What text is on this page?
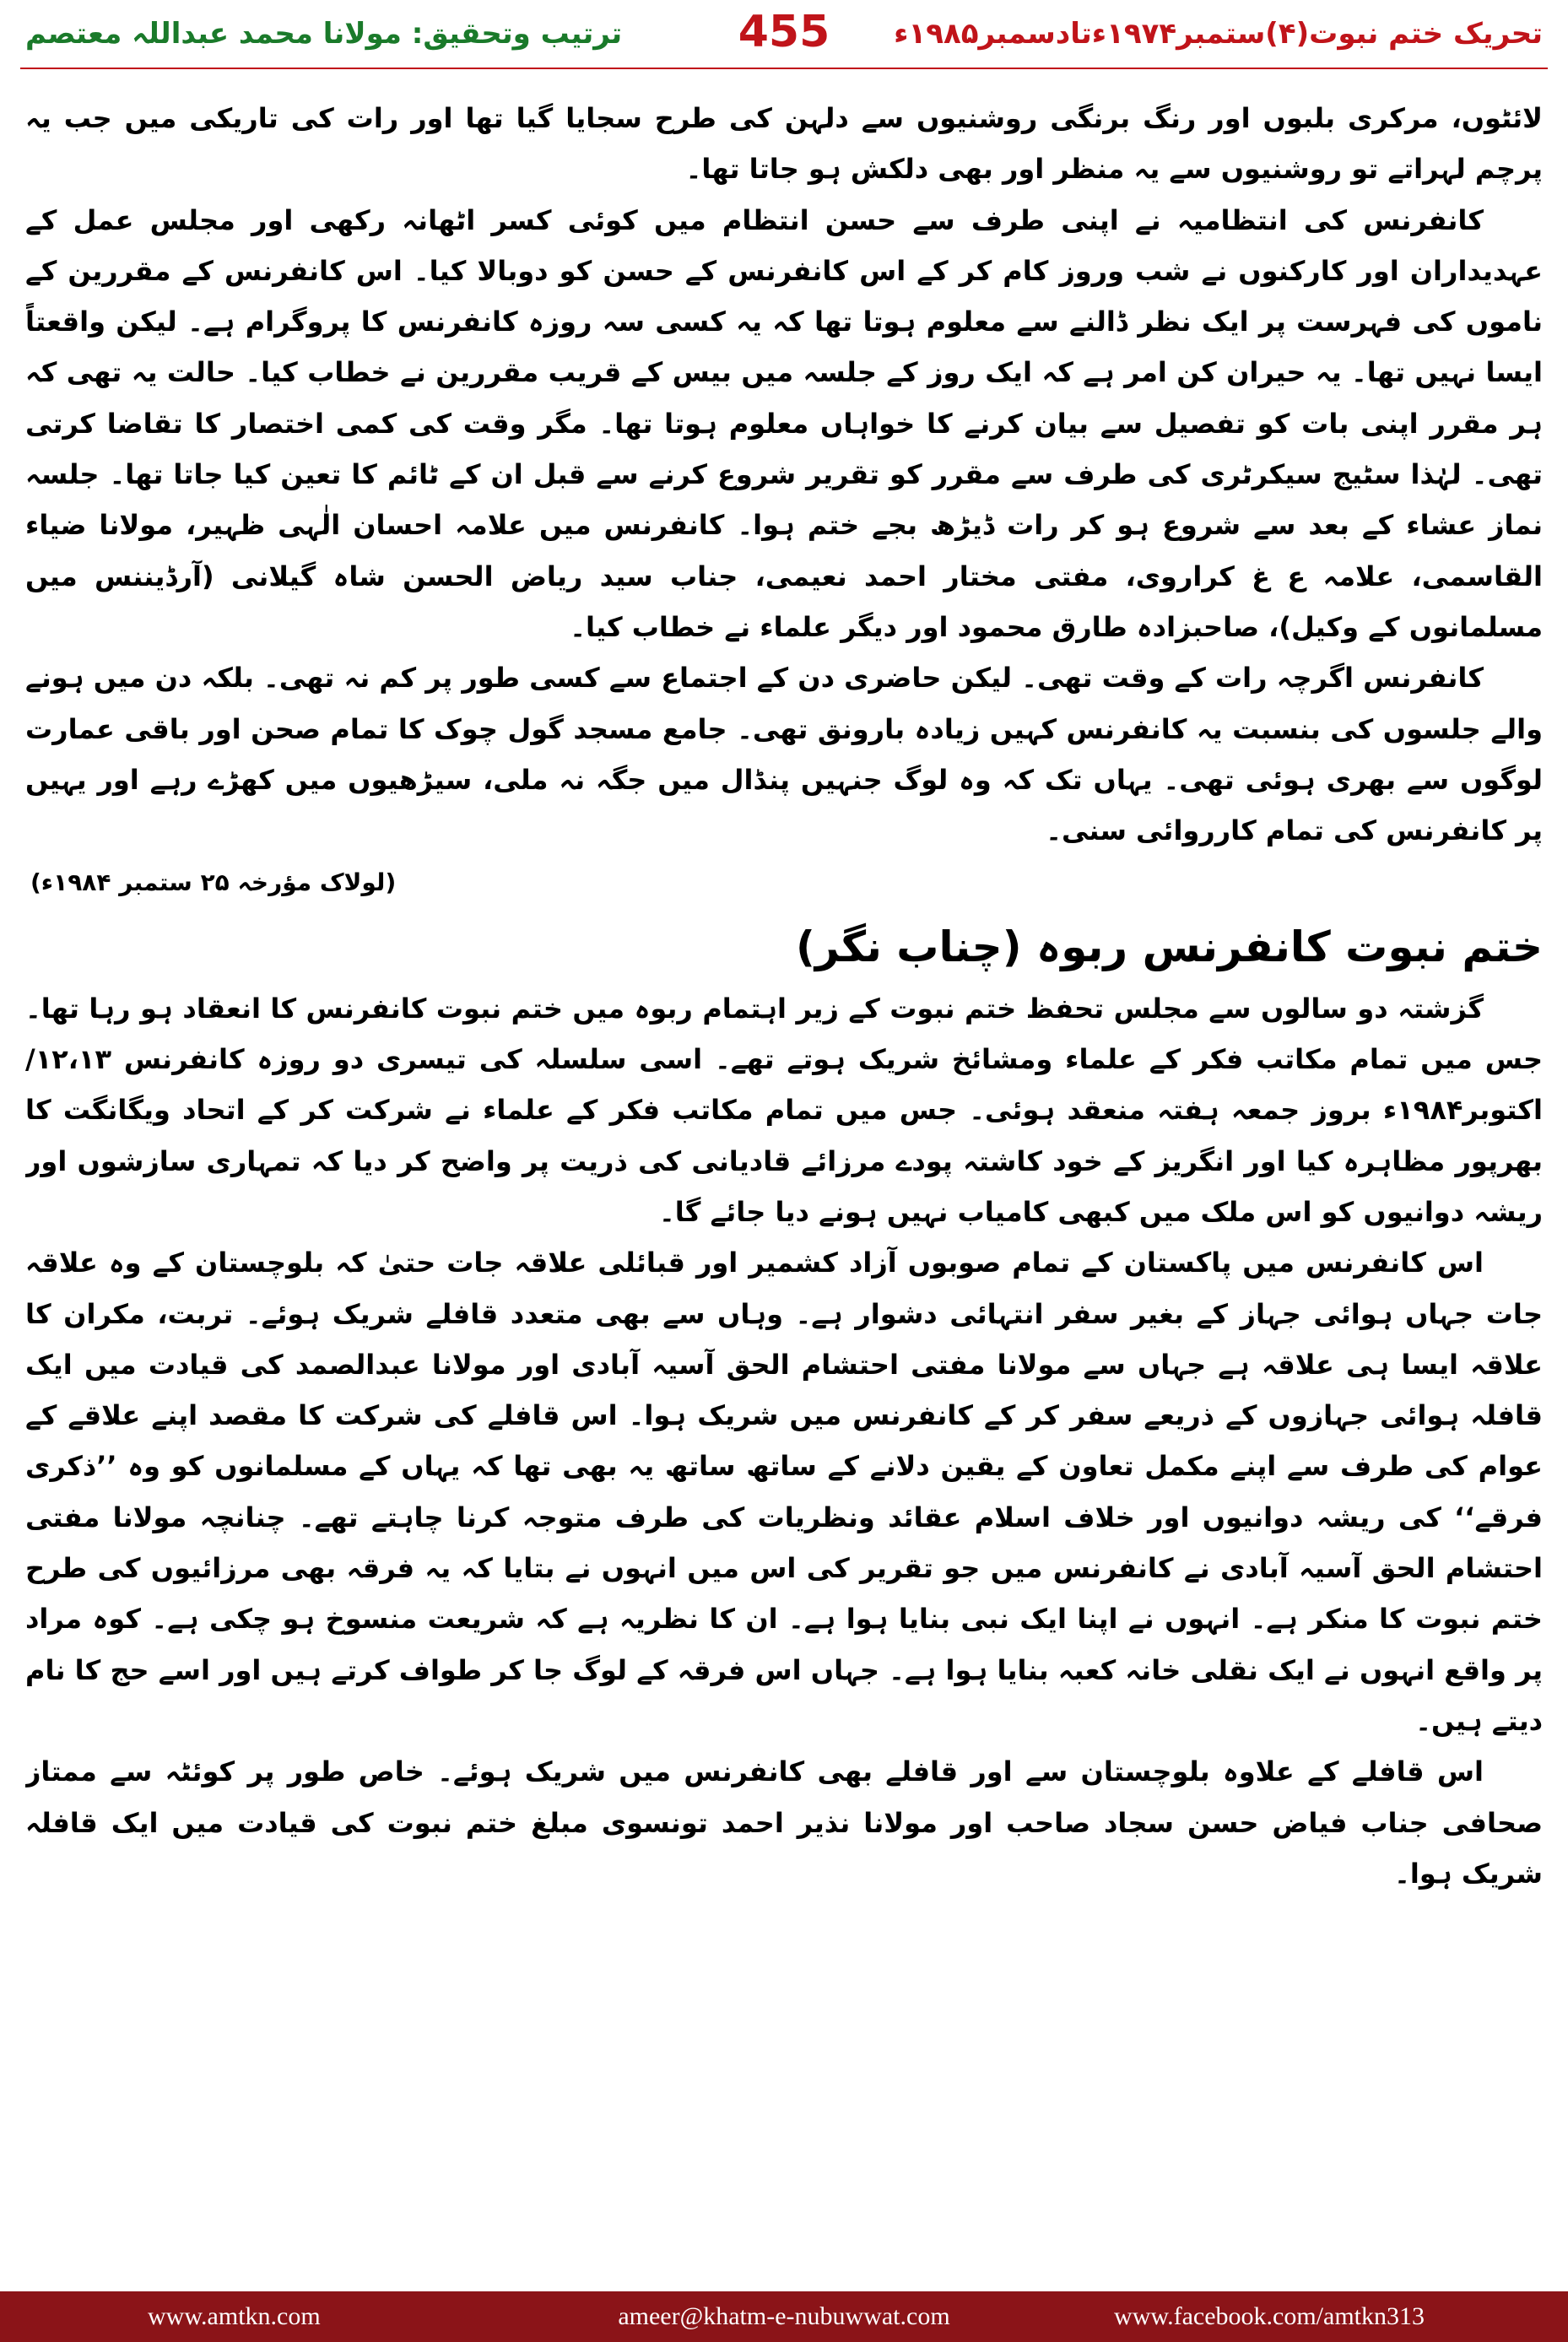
ترتیب وتحقیق: مولانا محمد عبداللہ معتصم	455	تحریک ختم نبوت(۴)ستمبر۱۹۷۴ءتادسمبر۱۹۸۵ء

لائٹوں، مرکری بلبوں اور رنگ برنگی روشنیوں سے دلہن کی طرح سجایا گیا تھا اور رات کی تاریکی میں جب یہ پرچم لہراتے تو روشنیوں سے یہ منظر اور بھی دلکش ہو جاتا تھا۔

کانفرنس کی انتظامیہ نے اپنی طرف سے حسن انتظام میں کوئی کسر اٹھانہ رکھی اور مجلس عمل کے عہدیداران اور کارکنوں نے شب وروز کام کر کے اس کانفرنس کے حسن کو دوبالا کیا۔ اس کانفرنس کے مقررین کے ناموں کی فہرست پر ایک نظر ڈالنے سے معلوم ہوتا تھا کہ یہ کسی سہ روزہ کانفرنس کا پروگرام ہے۔ لیکن واقعتاً ایسا نہیں تھا۔ یہ حیران کن امر ہے کہ ایک روز کے جلسہ میں بیس کے قریب مقررین نے خطاب کیا۔ حالت یہ تھی کہ ہر مقرر اپنی بات کو تفصیل سے بیان کرنے کا خواہاں معلوم ہوتا تھا۔ مگر وقت کی کمی اختصار کا تقاضا کرتی تھی۔ لہٰذا سٹیج سیکرٹری کی طرف سے مقرر کو تقریر شروع کرنے سے قبل ان کے ٹائم کا تعین کیا جاتا تھا۔ جلسہ نماز عشاء کے بعد سے شروع ہو کر رات ڈیڑھ بجے ختم ہوا۔ کانفرنس میں علامہ احسان الٰہی ظہیر، مولانا ضیاء القاسمی، علامہ ع غ کراروی، مفتی مختار احمد نعیمی، جناب سید ریاض الحسن شاہ گیلانی (آرڈیننس میں مسلمانوں کے وکیل)، صاحبزادہ طارق محمود اور دیگر علماء نے خطاب کیا۔

کانفرنس اگرچہ رات کے وقت تھی۔ لیکن حاضری دن کے اجتماع سے کسی طور پر کم نہ تھی۔ بلکہ دن میں ہونے والے جلسوں کی بنسبت یہ کانفرنس کہیں زیادہ بارونق تھی۔ جامع مسجد گول چوک کا تمام صحن اور باقی عمارت لوگوں سے بھری ہوئی تھی۔ یہاں تک کہ وہ لوگ جنہیں پنڈال میں جگہ نہ ملی، سیڑھیوں میں کھڑے رہے اور یہیں پر کانفرنس کی تمام کارروائی سنی۔

(لولاک مؤرخہ ۲۵ ستمبر ۱۹۸۴ء)
ختم نبوت کانفرنس ربوہ (چناب نگر)

گزشتہ دو سالوں سے مجلس تحفظ ختم نبوت کے زیر اہتمام ربوہ میں ختم نبوت کانفرنس کا انعقاد ہو رہا تھا۔ جس میں تمام مکاتب فکر کے علماء ومشائخ شریک ہوتے تھے۔ اسی سلسلہ کی تیسری دو روزہ کانفرنس ۱۲،۱۳/اکتوبر۱۹۸۴ء بروز جمعہ ہفتہ منعقد ہوئی۔ جس میں تمام مکاتب فکر کے علماء نے شرکت کر کے اتحاد ویگانگت کا بھرپور مظاہرہ کیا اور انگریز کے خود کاشتہ پودے مرزائے قادیانی کی ذریت پر واضح کر دیا کہ تمہاری سازشوں اور ریشہ دوانیوں کو اس ملک میں کبھی کامیاب نہیں ہونے دیا جائے گا۔

اس کانفرنس میں پاکستان کے تمام صوبوں آزاد کشمیر اور قبائلی علاقہ جات حتیٰ کہ بلوچستان کے وہ علاقہ جات جہاں ہوائی جہاز کے بغیر سفر انتہائی دشوار ہے۔ وہاں سے بھی متعدد قافلے شریک ہوئے۔ تربت، مکران کا علاقہ ایسا ہی علاقہ ہے جہاں سے مولانا مفتی احتشام الحق آسیہ آبادی اور مولانا عبدالصمد کی قیادت میں ایک قافلہ ہوائی جہازوں کے ذریعے سفر کر کے کانفرنس میں شریک ہوا۔ اس قافلے کی شرکت کا مقصد اپنے علاقے کے عوام کی طرف سے اپنے مکمل تعاون کے یقین دلانے کے ساتھ ساتھ یہ بھی تھا کہ یہاں کے مسلمانوں کو وہ ’’ذکری فرقے‘‘ کی ریشہ دوانیوں اور خلاف اسلام عقائد ونظریات کی طرف متوجہ کرنا چاہتے تھے۔ چنانچہ مولانا مفتی احتشام الحق آسیہ آبادی نے کانفرنس میں جو تقریر کی اس میں انہوں نے بتایا کہ یہ فرقہ بھی مرزائیوں کی طرح ختم نبوت کا منکر ہے۔ انہوں نے اپنا ایک نبی بنایا ہوا ہے۔ ان کا نظریہ ہے کہ شریعت منسوخ ہو چکی ہے۔ کوہ مراد پر واقع انہوں نے ایک نقلی خانہ کعبہ بنایا ہوا ہے۔ جہاں اس فرقہ کے لوگ جا کر طواف کرتے ہیں اور اسے حج کا نام دیتے ہیں۔

اس قافلے کے علاوہ بلوچستان سے اور قافلے بھی کانفرنس میں شریک ہوئے۔ خاص طور پر کوئٹہ سے ممتاز صحافی جناب فیاض حسن سجاد صاحب اور مولانا نذیر احمد تونسوی مبلغ ختم نبوت کی قیادت میں ایک قافلہ شریک ہوا۔

www.amtkn.com	ameer@khatm-e-nubuwwat.com	www.facebook.com/amtkn313
